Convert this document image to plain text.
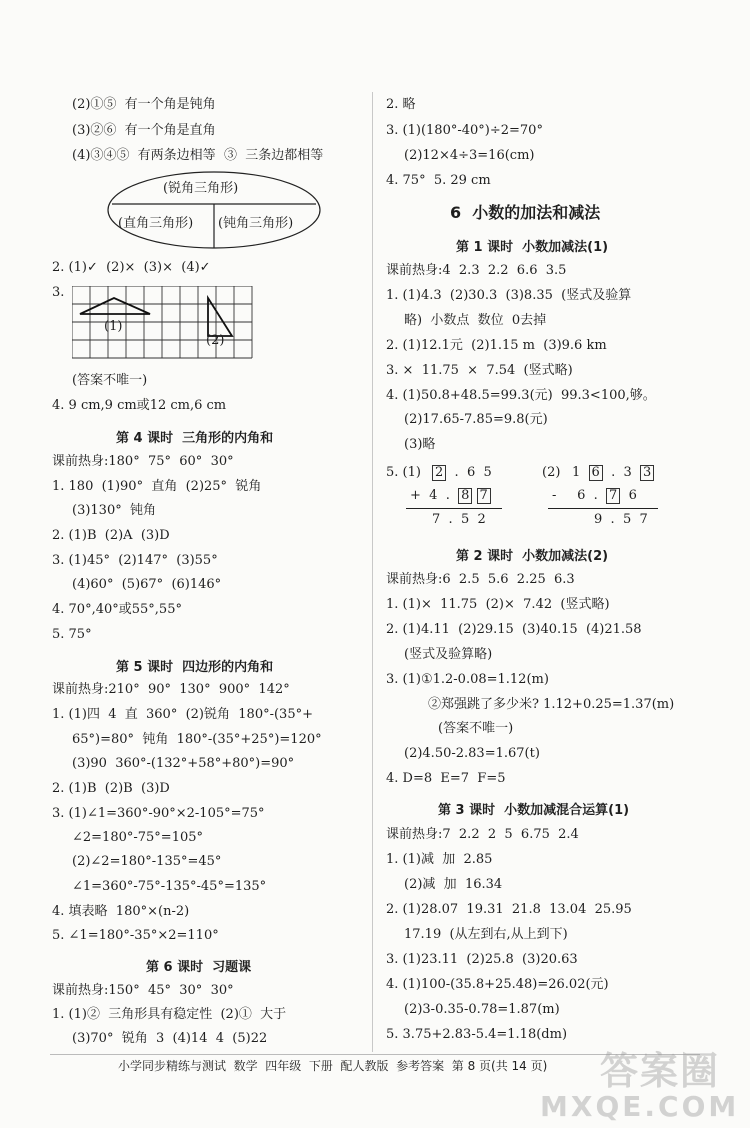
(2)①⑤  有一个角是钝角
(3)②⑥  有一个角是直角
(4)③④⑤  有两条边相等  ③  三条边都相等
(锐角三角形)
(直角三角形) (钝角三角形)
2. (1)✓  (2)×  (3)×  (4)✓
3.
(1)
(2)
(答案不唯一)
4. 9 cm,9 cm或12 cm,6 cm
第 4 课时  三角形的内角和
课前热身:180°  75°  60°  30°
1. 180  (1)90°  直角  (2)25°  锐角
(3)130°  钝角
2. (1)B  (2)A  (3)D
3. (1)45°  (2)147°  (3)55°
(4)60°  (5)67°  (6)146°
4. 70°,40°或55°,55°
5. 75°
第 5 课时  四边形的内角和
课前热身:210°  90°  130°  900°  142°
1. (1)四  4  直  360°  (2)锐角  180°-(35°+
65°)=80°  钝角  180°-(35°+25°)=120°
(3)90  360°-(132°+58°+80°)=90°
2. (1)B  (2)B  (3)D
3. (1)∠1=360°-90°×2-105°=75°
∠2=180°-75°=105°
(2)∠2=180°-135°=45°
∠1=360°-75°-135°-45°=135°
4. 填表略  180°×(n-2)
5. ∠1=180°-35°×2=110°
第 6 课时  习题课
课前热身:150°  45°  30°  30°
1. (1)②  三角形具有稳定性  (2)①  大于
(3)70°  锐角  3  (4)14  4  (5)22
2. 略
3. (1)(180°-40°)÷2=70°
(2)12×4÷3=16(cm)
4. 75°  5. 29 cm
6  小数的加法和减法
第 1 课时  小数加减法(1)
课前热身:4  2.3  2.2  6.6  3.5
1. (1)4.3  (2)30.3  (3)8.35  (竖式及验算
略)  小数点  数位  0去掉
2. (1)12.1元  (2)1.15 m  (3)9.6 km
3. ×  11.75  ×  7.54  (竖式略)
4. (1)50.8+48.5=99.3(元)  99.3<100,够。
(2)17.65-7.85=9.8(元)
(3)略
5. (1) 2 . 6 5
+ 4 . 8 7
7 . 5 2
(2) 1 6 . 3 3
- 6 . 7 6
9 . 5 7
第 2 课时  小数加减法(2)
课前热身:6  2.5  5.6  2.25  6.3
1. (1)×  11.75  (2)×  7.42  (竖式略)
2. (1)4.11  (2)29.15  (3)40.15  (4)21.58
(竖式及验算略)
3. (1)①1.2-0.08=1.12(m)
②郑强跳了多少米? 1.12+0.25=1.37(m)
(答案不唯一)
(2)4.50-2.83=1.67(t)
4. D=8  E=7  F=5
第 3 课时  小数加减混合运算(1)
课前热身:7  2.2  2  5  6.75  2.4
1. (1)减  加  2.85
(2)减  加  16.34
2. (1)28.07  19.31  21.8  13.04  25.95
17.19  (从左到右,从上到下)
3. (1)23.11  (2)25.8  (3)20.63
4. (1)100-(35.8+25.48)=26.02(元)
(2)3-0.35-0.78=1.87(m)
5. 3.75+2.83-5.4=1.18(dm)
小学同步精练与测试  数学  四年级  下册  配人教版  参考答案  第 8 页(共 14 页) 答案圈
MXQE.COM
